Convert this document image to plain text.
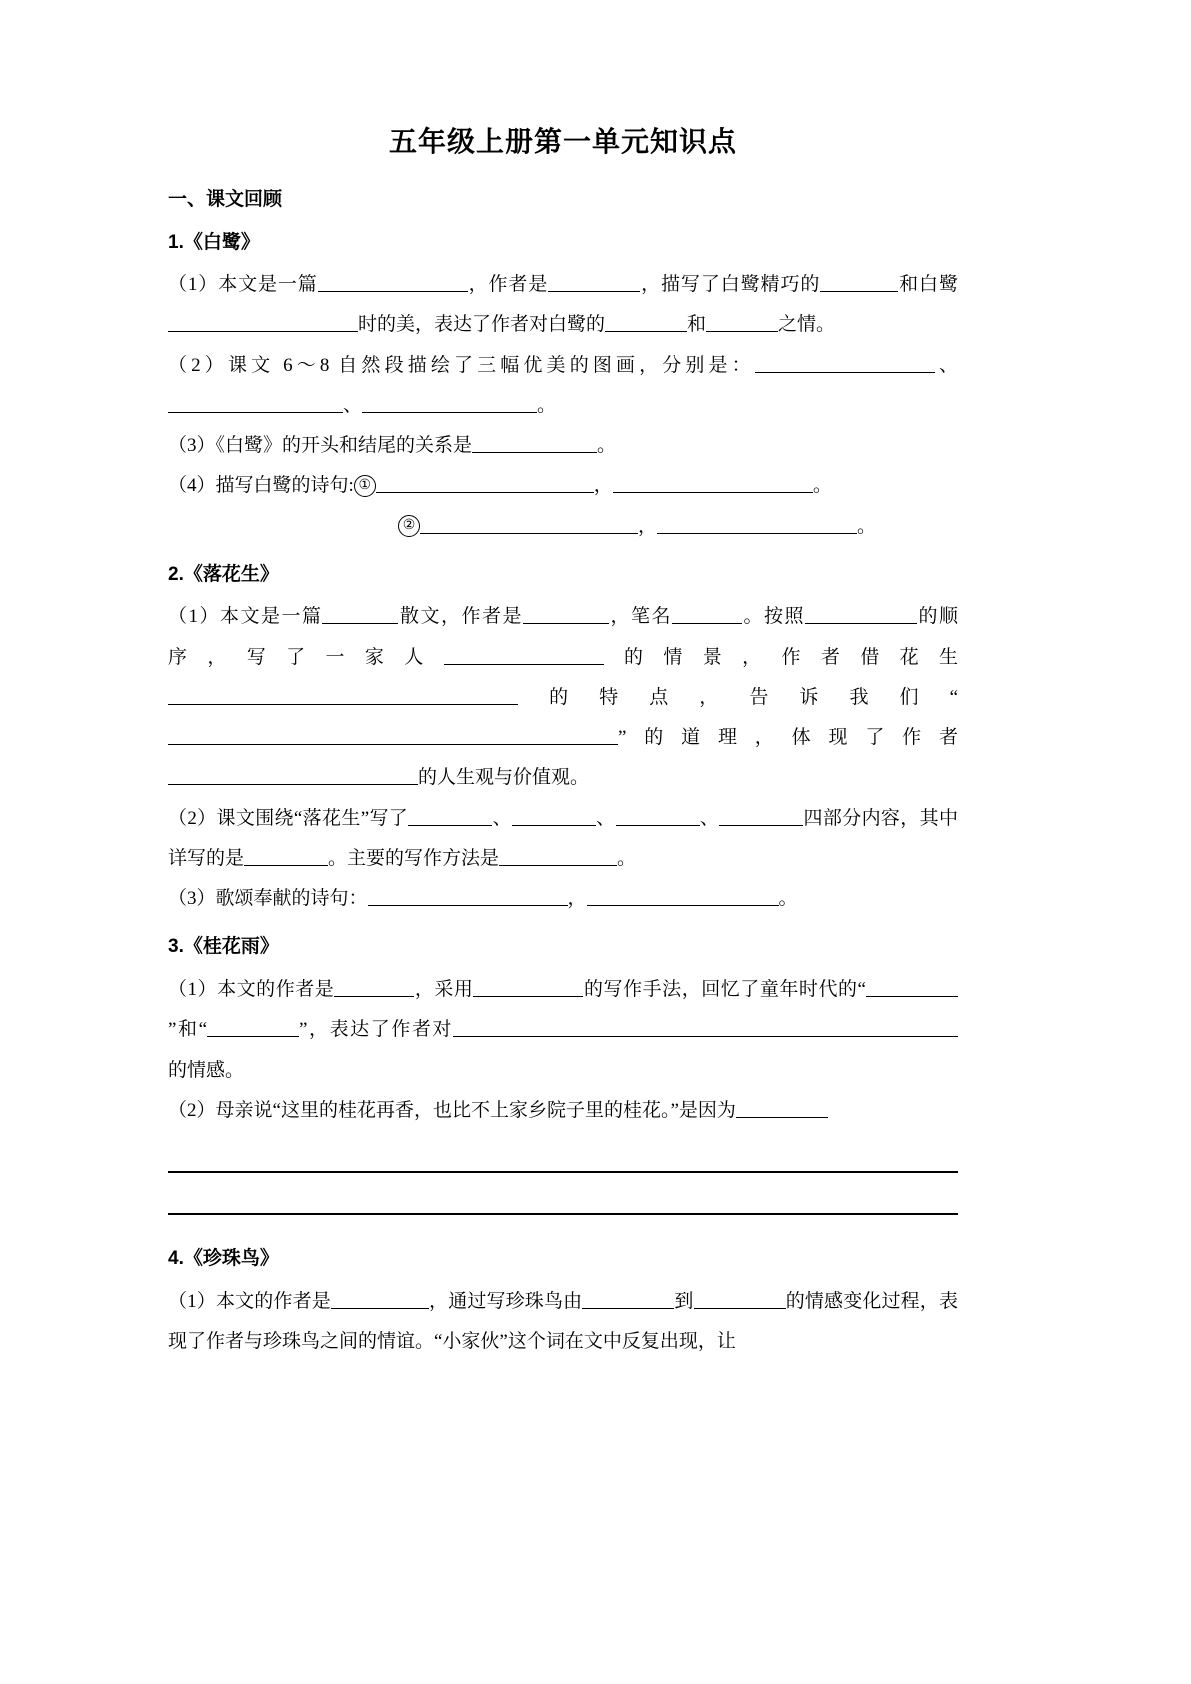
五年级上册第一单元知识点
一、课文回顾
1.《白鹭》

（1）本文是一篇	，作者是	，描写了白鹭精巧的	和白鹭时的美，表达了作者对白鹭的	和	之情。

（2）课文 6～8 自然段描绘了三幅优美的图画，分别是：	、、	。

（3）《白鹭》的开头和结尾的关系是	。

（4）描写白鹭的诗句: ①	，	。

②	，	。

2.《落花生》

（1）本文是一篇	散文，作者是	，笔名	。按照	的顺序，写了一家人	的情景，作者借花生的特点，告诉我们“”的道理，体现了作者的人生观与价值观。

（2）课文围绕“落花生”写了	、	、	、	四部分内容，其中详写的是	。主要的写作方法是	。

（3）歌颂奉献的诗句：	，	。

3.《桂花雨》

（1）本文的作者是	，采用	的写作手法，回忆了童年时代的“”和“	”，表达了作者对的情感。

（2）母亲说“这里的桂花再香，也比不上家乡院子里的桂花。”是因为

4.《珍珠鸟》

（1）本文的作者是	，通过写珍珠鸟由	到	的情感变化过程，表现了作者与珍珠鸟之间的情谊。“小家伙”这个词在文中反复出现，让
